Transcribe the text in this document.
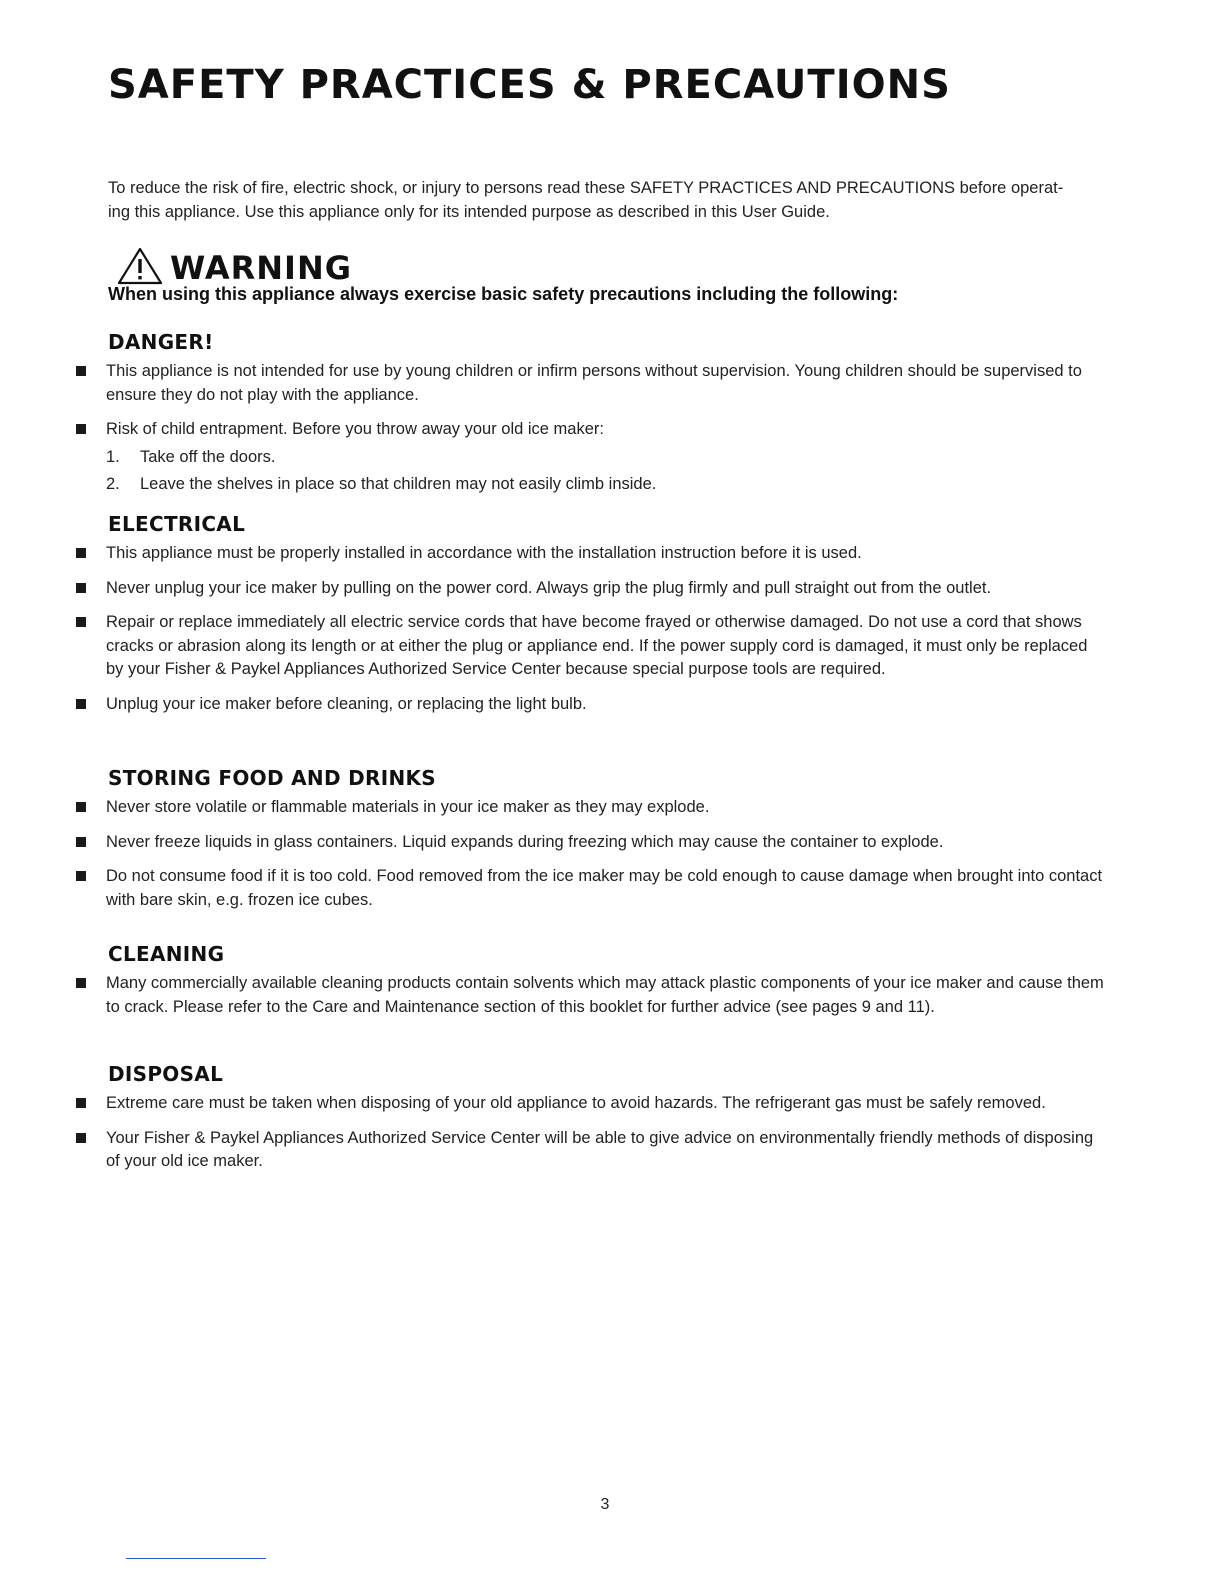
SAFETY PRACTICES & PRECAUTIONS

To reduce the risk of fire, electric shock, or injury to persons read these SAFETY PRACTICES AND PRECAUTIONS before operat-
ing this appliance. Use this appliance only for its intended purpose as described in this User Guide.

WARNING

When using this appliance always exercise basic safety precautions including the following:

DANGER!
This appliance is not intended for use by young children or infirm persons without supervision. Young children should be supervised to ensure they do not play with the appliance.
Risk of child entrapment. Before you throw away your old ice maker:
1.	Take off the doors.
2.	Leave the shelves in place so that children may not easily climb inside.
ELECTRICAL
This appliance must be properly installed in accordance with the installation instruction before it is used.
Never unplug your ice maker by pulling on the power cord. Always grip the plug firmly and pull straight out from the outlet.
Repair or replace immediately all electric service cords that have become frayed or otherwise damaged. Do not use a cord that shows cracks or abrasion along its length or at either the plug or appliance end. If the power supply cord is damaged, it must only be replaced by your Fisher & Paykel Appliances Authorized Service Center because special purpose tools are required.
Unplug your ice maker before cleaning, or replacing the light bulb.
STORING FOOD AND DRINKS
Never store volatile or flammable materials in your ice maker as they may explode.
Never freeze liquids in glass containers. Liquid expands during freezing which may cause the container to explode.
Do not consume food if it is too cold. Food removed from the ice maker may be cold enough to cause damage when brought into contact with bare skin, e.g. frozen ice cubes.
CLEANING
Many commercially available cleaning products contain solvents which may attack plastic components of your ice maker and cause them to crack. Please refer to the Care and Maintenance section of this booklet for further advice (see pages 9 and 11).
DISPOSAL
Extreme care must be taken when disposing of your old appliance to avoid hazards. The refrigerant gas must be safely removed.
Your Fisher & Paykel Appliances Authorized Service Center will be able to give advice on environmentally friendly methods of disposing of your old ice maker.

3
